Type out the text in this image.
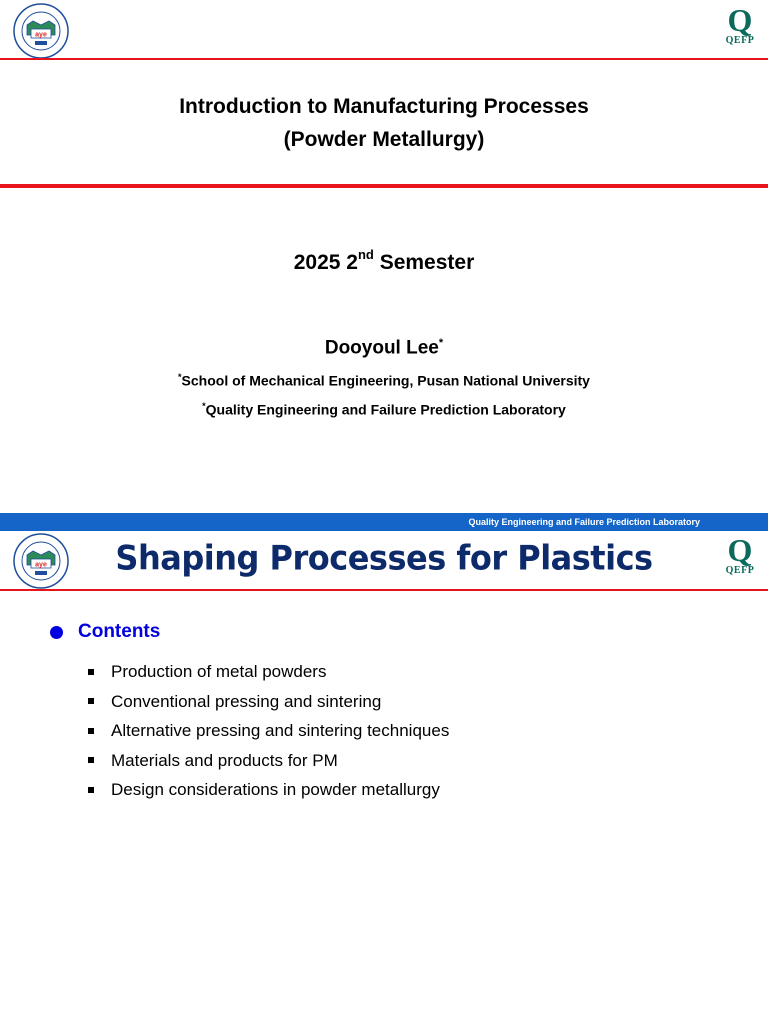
aye	Q
QEFP
Introduction to Manufacturing Processes
(Powder Metallurgy)
2025 2nd Semester
Dooyoul Lee*
*School of Mechanical Engineering, Pusan National University
*Quality Engineering and Failure Prediction Laboratory
Quality Engineering and Failure Prediction Laboratory
aye	Shaping Processes for Plastics	Q
QEFP
Contents
Production of metal powders
Conventional pressing and sintering
Alternative pressing and sintering techniques
Materials and products for PM
Design considerations in powder metallurgy
